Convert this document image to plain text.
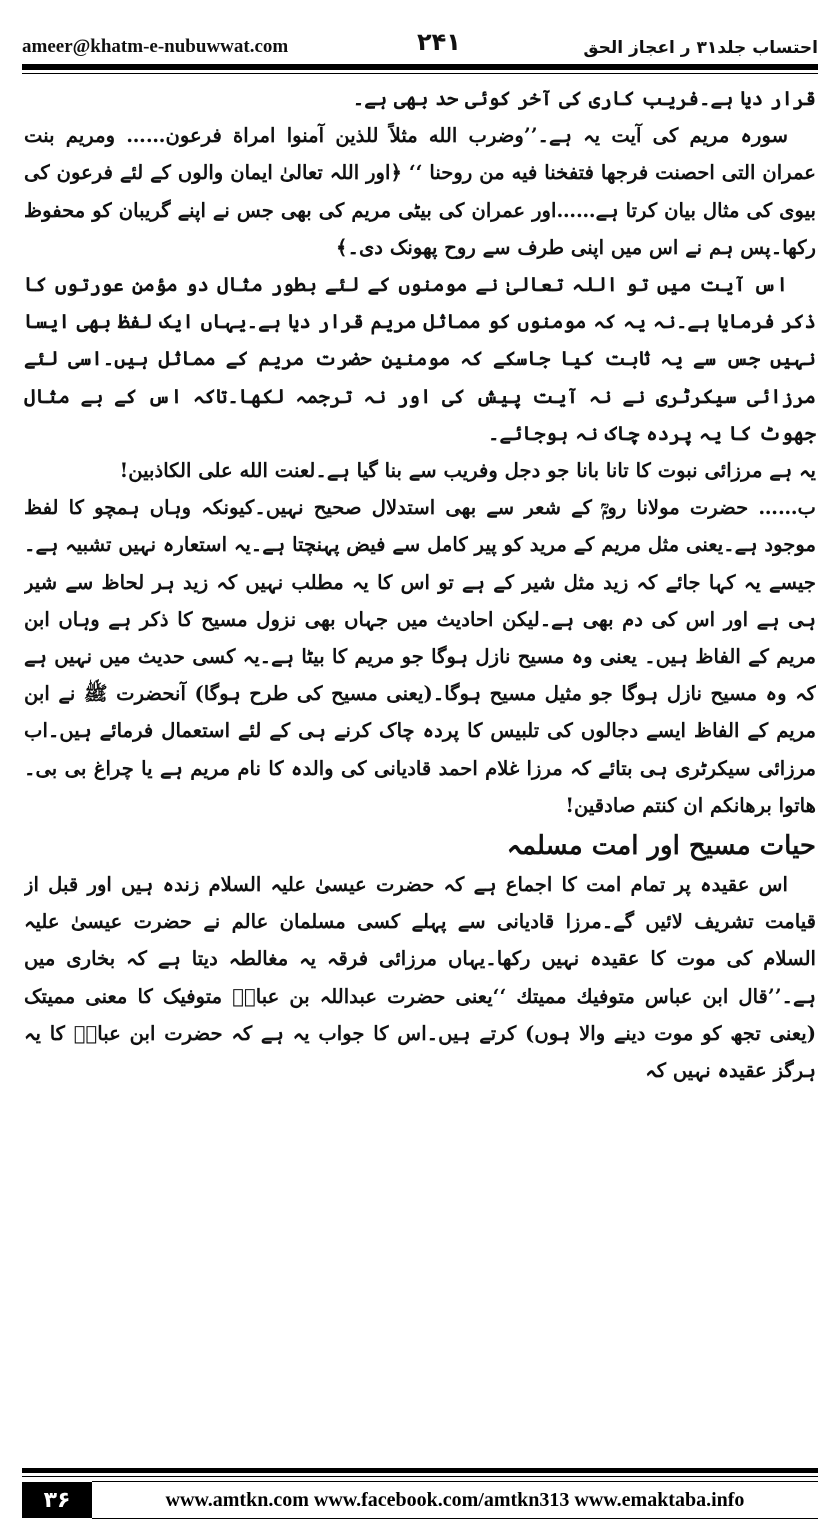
ameer@khatm-e-nubuwwat.com	۲۴۱	احتساب جلد۳۱ ر اعجاز الحق

قرار دیا ہے۔فریب کاری کی آخر کوئی حد بھی ہے۔

سورہ مریم کی آیت یہ ہے۔’’وضرب الله مثلاً للذين آمنوا امراة فرعون…… ومريم بنت عمران التى احصنت فرجها فتفخنا فيه من روحنا ‘‘ ﴿اور اللہ تعالیٰ ایمان والوں کے لئے فرعون کی بیوی کی مثال بیان کرتا ہے……اور عمران کی بیٹی مریم کی بھی جس نے اپنے گریبان کو محفوظ رکھا۔پس ہم نے اس میں اپنی طرف سے روح پھونک دی۔﴾

اس آیت میں تو اللہ تعالیٰ نے مومنوں کے لئے بطور مثال دو مؤمن عورتوں کا ذکر فرمایا ہے۔نہ یہ کہ مومنوں کو مماثل مریم قرار دیا ہے۔یہاں ایک لفظ بھی ایسا نہیں جس سے یہ ثابت کیا جاسکے کہ مومنین حضرت مریم کے مماثل ہیں۔اسی لئے مرزائی سیکرٹری نے نہ آیت پیش کی اور نہ ترجمہ لکھا۔تاکہ اس کے بے مثال جھوٹ کا یہ پردہ چاک نہ ہوجائے۔

یہ ہے مرزائی نبوت کا تانا بانا جو دجل وفریب سے بنا گیا ہے۔لعنت الله على الكاذبين!

ب…… حضرت مولانا رومؒ کے شعر سے بھی استدلال صحیح نہیں۔کیونکہ وہاں ہمچو کا لفظ موجود ہے۔یعنی مثل مریم کے مرید کو پیر کامل سے فیض پہنچتا ہے۔یہ استعارہ نہیں تشبیہ ہے۔ جیسے یہ کہا جائے کہ زید مثل شیر کے ہے تو اس کا یہ مطلب نہیں کہ زید ہر لحاظ سے شیر ہی ہے اور اس کی دم بھی ہے۔لیکن احادیث میں جہاں بھی نزول مسیح کا ذکر ہے وہاں ابن مریم کے الفاظ ہیں۔ یعنی وہ مسیح نازل ہوگا جو مریم کا بیٹا ہے۔یہ کسی حدیث میں نہیں ہے کہ وہ مسیح نازل ہوگا جو مثیل مسیح ہوگا۔(یعنی مسیح کی طرح ہوگا) آنحضرت ﷺ نے ابن مریم کے الفاظ ایسے دجالوں کی تلبیس کا پردہ چاک کرنے ہی کے لئے استعمال فرمائے ہیں۔اب مرزائی سیکرٹری ہی بتائے کہ مرزا غلام احمد قادیانی کی والدہ کا نام مریم ہے یا چراغ بی بی۔هاتوا برهانكم ان كنتم صادقين!

حیات مسیح اور امت مسلمہ

اس عقیدہ پر تمام امت کا اجماع ہے کہ حضرت عیسیٰ علیہ السلام زندہ ہیں اور قبل از قیامت تشریف لائیں گے۔مرزا قادیانی سے پہلے کسی مسلمان عالم نے حضرت عیسیٰ علیہ السلام کی موت کا عقیدہ نہیں رکھا۔یہاں مرزائی فرقہ یہ مغالطہ دیتا ہے کہ بخاری میں ہے۔’’قال ابن عباس متوفيك مميتك ‘‘یعنی حضرت عبداللہ بن عباسؓ متوفیک کا معنی ممیتک (یعنی تجھ کو موت دینے والا ہوں) کرتے ہیں۔اس کا جواب یہ ہے کہ حضرت ابن عباسؓ کا یہ ہرگز عقیدہ نہیں کہ

۳۶	www.amtkn.com www.facebook.com/amtkn313 www.emaktaba.info
